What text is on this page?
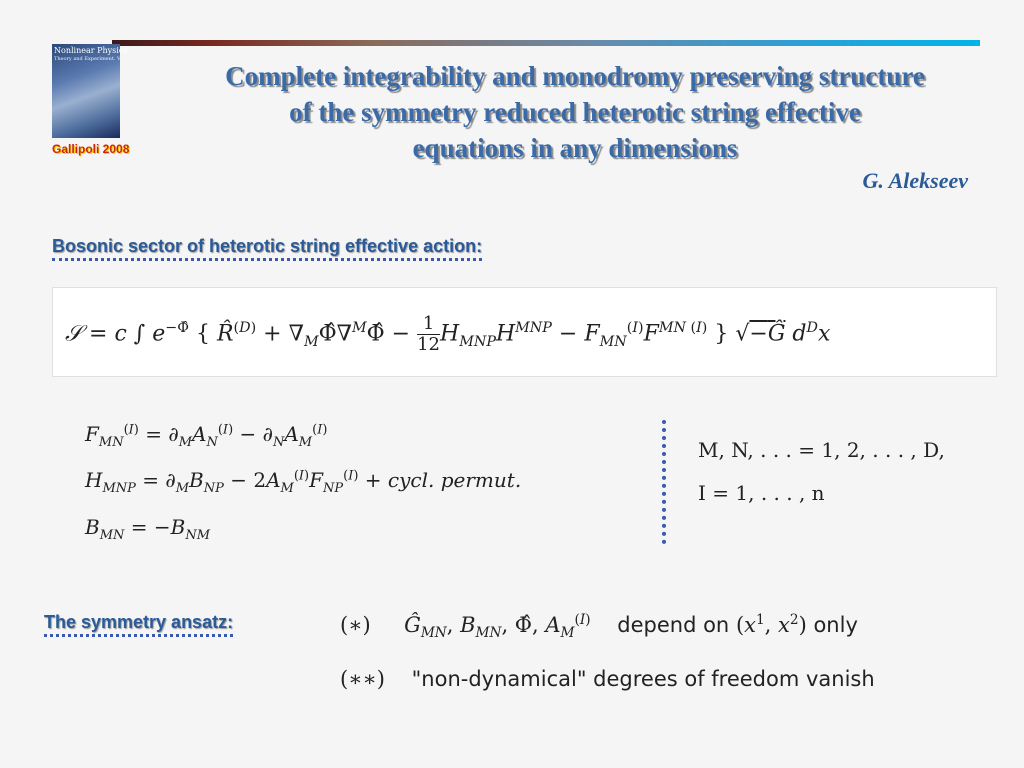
Nonlinear Physics
Theory and Experiment. V
Gallipoli 2008
Complete integrability and monodromy preserving structure
of the symmetry reduced heterotic string effective
equations in any dimensions
G. Alekseev
Bosonic sector of heterotic string effective action:
𝒮 = c ∫ $e^{-\Phî}$ { R̂$^{(D)}$ + $\nabla_M\Phî\nabla^M\Phî - \frac{1}{12} H_{MNP}H^{MNP} - F_{MN}^{(I)}F^{MN (I)}$ } √−Ĝ $d^Dx$
$F_{MN}^{(I)} = \partial_MA_N^{(I)} - \partial_NA_M^{(I)}$
$H_{MNP} = \partial_MB_{NP} - 2A_M^{(I)}F_{NP}^{(I)}$ + cycl. permut.
$B_{MN} = -B_{NM}$
M, N, . . . = 1, 2, . . . , D,
I = 1, . . . , n
The symmetry ansatz:	(∗) $Ĝ_{MN}$, $B_{MN}$, Φ̂, $A_M^{(I)}$ depend on ($x^1$, $x^2$) only
(∗∗) "non-dynamical" degrees of freedom vanish
